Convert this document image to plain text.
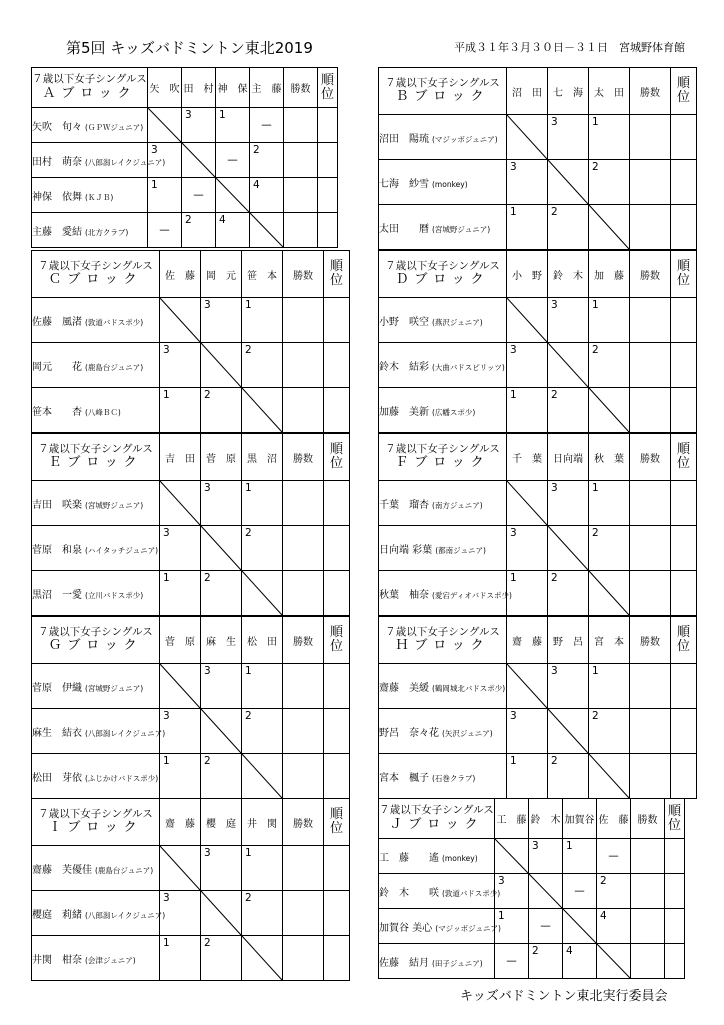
第5回 キッズバドミントン東北2019	平成３１年３月３０日－３１日　宮城野体育館
キッズバドミントン東北実行委員会
７歳以下女子シングルス
Ａブロック	矢　吹	田　村	神　保	主　藤	勝数	順
位

矢吹　旬々 (ＧＰＷジュニア)		3	1	—		

田村　萌奈 (八郎潟レイクジュニア)	3		—	2		

神保　依舞 (ＫＪＢ)	1	—		4		

主藤　愛結 (北方クラブ)	—	2	4

７歳以下女子シングルス
Ｂブロック	沼　田	七　海	太　田	勝数	順
位

沼田　陽琉 (マジッボジュニア)		3	1		

七海　紗雪 (monkey)	3		2		

太田　　暦 (宮城野ジュニア)	1	2

７歳以下女子シングルス
Ｃブロック	佐　藤	岡　元	笹　本	勝数	順
位

佐藤　風渚 (敦道バドスポ少)		3	1		

岡元　　花 (鹿島台ジュニア)	3		2		

笹本　　杏 (八峰ＢＣ)	1	2

７歳以下女子シングルス
Ｄブロック	小　野	鈴　木	加　藤	勝数	順
位

小野　咲空 (燕沢ジュニア)		3	1		

鈴木　結彩 (大曲バドスピリッツ)	3		2		

加藤　美新 (広幡スポ少)	1	2

７歳以下女子シングルス
Ｅブロック	吉　田	菅　原	黒　沼	勝数	順
位

吉田　咲楽 (宮城野ジュニア)		3	1		

菅原　和泉 (ハイタッチジュニア)	3		2		

黒沼　一愛 (立川バドスポ少)	1	2

７歳以下女子シングルス
Ｆブロック	千　葉	日向端	秋　葉	勝数	順
位

千葉　瑠杏 (南方ジュニア)		3	1		

日向端 彩葉 (都南ジュニア)	3		2		

秋葉　柚奈 (愛宕ディオバドスポ少)	1	2

７歳以下女子シングルス
Ｇブロック	菅　原	麻　生	松　田	勝数	順
位

菅原　伊織 (宮城野ジュニア)		3	1		

麻生　結衣 (八郎潟レイクジュニア)	3		2		

松田　芽依 (ふじかけバドスポ少)	1	2

７歳以下女子シングルス
Ｈブロック	齋　藤	野　呂	宮　本	勝数	順
位

齋藤　美緩 (鶴岡城北バドスポ少)		3	1		

野呂　奈々花 (矢沢ジュニア)	3		2		

宮本　楓子 (石巻クラブ)	1	2

７歳以下女子シングルス
Ｉブロック	齋　藤	櫻　庭	井　関	勝数	順
位

齋藤　芙優佳 (鹿島台ジュニア)		3	1		

櫻庭　莉緒 (八郎潟レイクジュニア)	3		2		

井関　柑奈 (会津ジュニア)	1	2

７歳以下女子シングルス
Ｊブロック	工　藤	鈴　木	加賀谷	佐　藤	勝数	順
位

工　藤　　遙 (monkey)		3	1	—		

鈴　木　　咲 (敦道バドスポ少)	3		—	2		

加賀谷 美心 (マジッボジュニア)	1	—		4		

佐藤　結月 (田子ジュニア)	—	2	4
